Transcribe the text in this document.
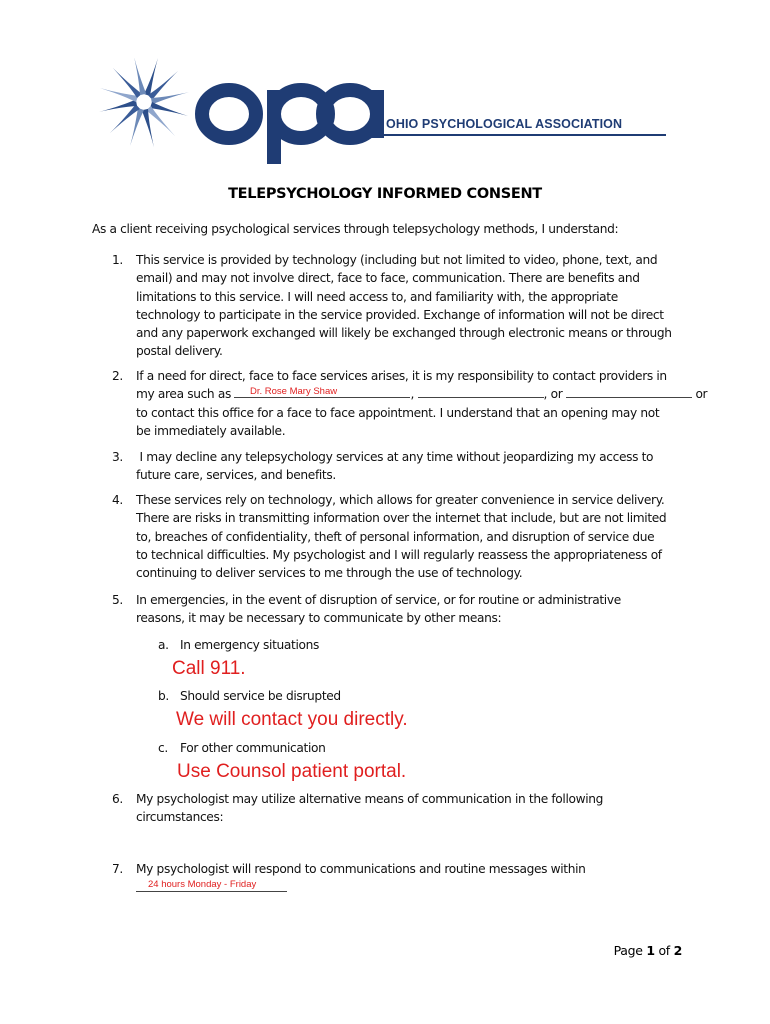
OHIO PSYCHOLOGICAL ASSOCIATION
TELEPSYCHOLOGY INFORMED CONSENT
As a client receiving psychological services through telepsychology methods, I understand:
1.	This service is provided by technology (including but not limited to video, phone, text, and
email) and may not involve direct, face to face, communication. There are benefits and
limitations to this service. I will need access to, and familiarity with, the appropriate
technology to participate in the service provided. Exchange of information will not be direct
and any paperwork exchanged will likely be exchanged through electronic means or through
postal delivery.
2.	If a need for direct, face to face services arises, it is my responsibility to contact providers in
my area such as	,	, or	or
to contact this office for a face to face appointment. I understand that an opening may not
be immediately available.
Dr. Rose Mary Shaw
3.	I may decline any telepsychology services at any time without jeopardizing my access to
future care, services, and benefits.
4.	These services rely on technology, which allows for greater convenience in service delivery.
There are risks in transmitting information over the internet that include, but are not limited
to, breaches of confidentiality, theft of personal information, and disruption of service due
to technical difficulties. My psychologist and I will regularly reassess the appropriateness of
continuing to deliver services to me through the use of technology.
5.	In emergencies, in the event of disruption of service, or for routine or administrative
reasons, it may be necessary to communicate by other means:
a. In emergency situations
Call 911.
b. Should service be disrupted
We will contact you directly.
c. For other communication
Use Counsol patient portal.
6.	My psychologist may utilize alternative means of communication in the following
circumstances:
7.	My psychologist will respond to communications and routine messages within
24 hours Monday - Friday
Page 1 of 2
